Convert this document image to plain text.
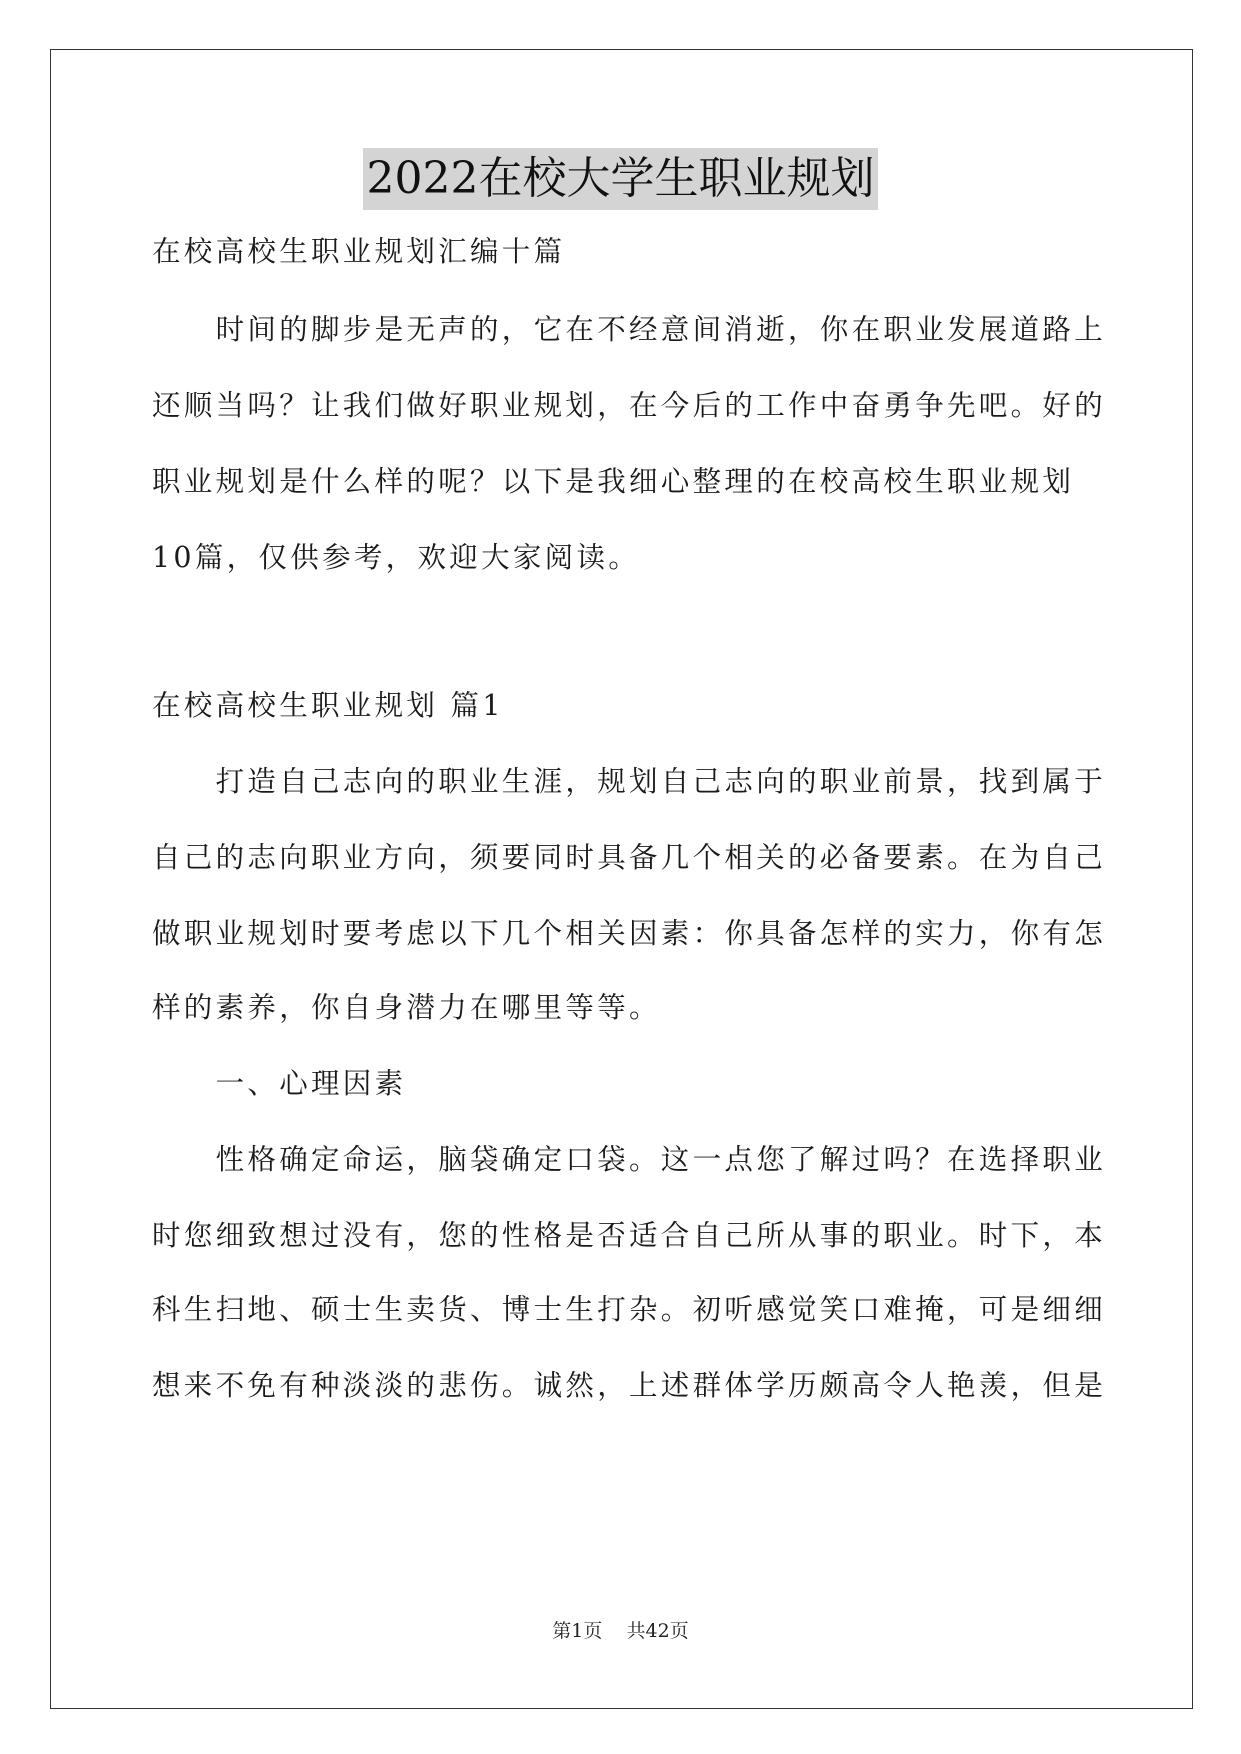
2022在校大学生职业规划
在校高校生职业规划汇编十篇
　　时间的脚步是无声的，它在不经意间消逝，你在职业发展道路上
还顺当吗？让我们做好职业规划，在今后的工作中奋勇争先吧。好的
职业规划是什么样的呢？以下是我细心整理的在校高校生职业规划
10篇，仅供参考，欢迎大家阅读。
在校高校生职业规划 篇1
　　打造自己志向的职业生涯，规划自己志向的职业前景，找到属于
自己的志向职业方向，须要同时具备几个相关的必备要素。在为自己
做职业规划时要考虑以下几个相关因素：你具备怎样的实力，你有怎
样的素养，你自身潜力在哪里等等。
　　一、心理因素
　　性格确定命运，脑袋确定口袋。这一点您了解过吗？在选择职业
时您细致想过没有，您的性格是否适合自己所从事的职业。时下，本
科生扫地、硕士生卖货、博士生打杂。初听感觉笑口难掩，可是细细
想来不免有种淡淡的悲伤。诚然，上述群体学历颇高令人艳羡，但是
第1页 共42页
